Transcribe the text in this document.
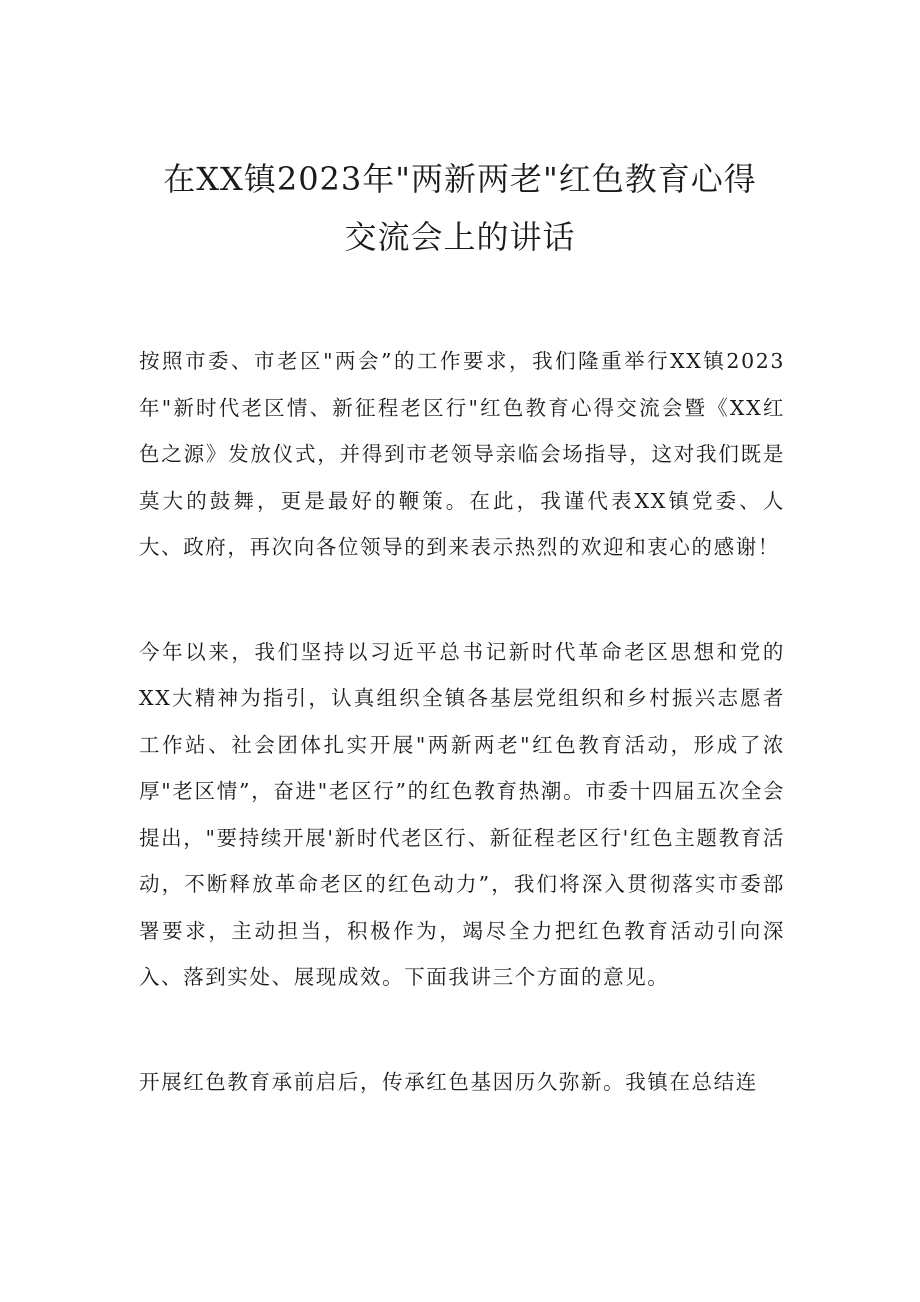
在XX镇2023年"两新两老"红色教育心得
交流会上的讲话

按照市委、市老区"两会”的工作要求，我们隆重举行XX镇2023年"新时代老区情、新征程老区行"红色教育心得交流会暨《XX红色之源》发放仪式，并得到市老领导亲临会场指导，这对我们既是莫大的鼓舞，更是最好的鞭策。在此，我谨代表XX镇党委、人大、政府，再次向各位领导的到来表示热烈的欢迎和衷心的感谢！

今年以来，我们坚持以习近平总书记新时代革命老区思想和党的XX大精神为指引，认真组织全镇各基层党组织和乡村振兴志愿者工作站、社会团体扎实开展"两新两老"红色教育活动，形成了浓厚"老区情”，奋进"老区行”的红色教育热潮。市委十四届五次全会提出，"要持续开展'新时代老区行、新征程老区行'红色主题教育活动，不断释放革命老区的红色动力”，我们将深入贯彻落实市委部署要求，主动担当，积极作为，竭尽全力把红色教育活动引向深入、落到实处、展现成效。下面我讲三个方面的意见。

开展红色教育承前启后，传承红色基因历久弥新。我镇在总结连
